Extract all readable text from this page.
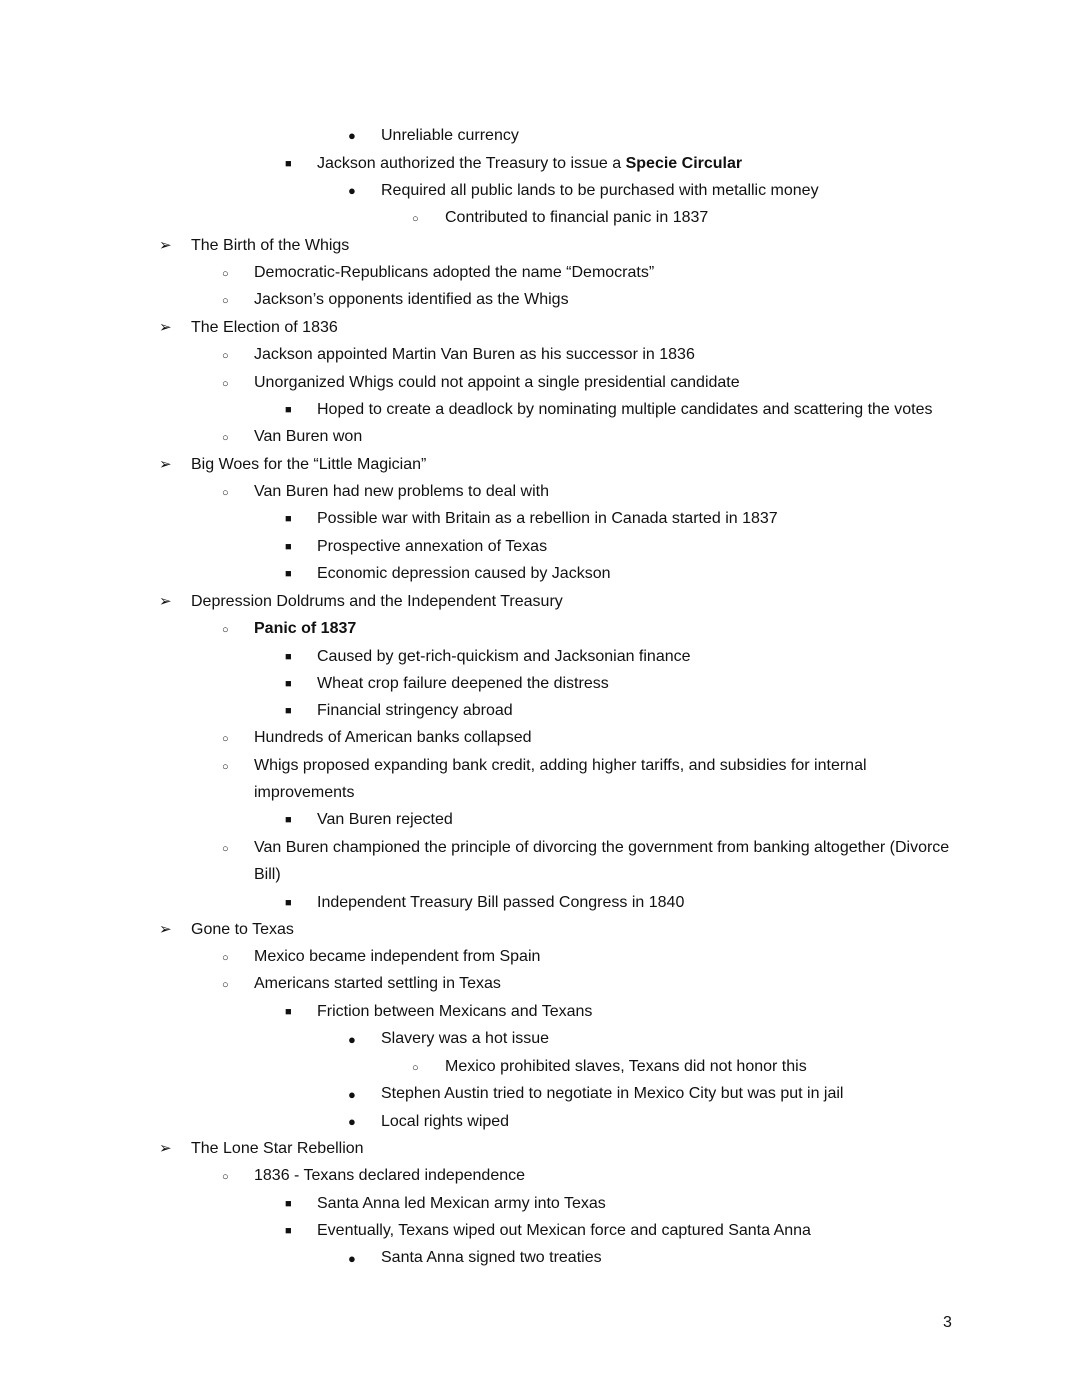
● Unreliable currency
■ Jackson authorized the Treasury to issue a Specie Circular
● Required all public lands to be purchased with metallic money
○ Contributed to financial panic in 1837
➢ The Birth of the Whigs
○ Democratic-Republicans adopted the name “Democrats”
○ Jackson’s opponents identified as the Whigs
➢ The Election of 1836
○ Jackson appointed Martin Van Buren as his successor in 1836
○ Unorganized Whigs could not appoint a single presidential candidate
■ Hoped to create a deadlock by nominating multiple candidates and scattering the votes
○ Van Buren won
➢ Big Woes for the “Little Magician”
○ Van Buren had new problems to deal with
■ Possible war with Britain as a rebellion in Canada started in 1837
■ Prospective annexation of Texas
■ Economic depression caused by Jackson
➢ Depression Doldrums and the Independent Treasury
○ Panic of 1837
■ Caused by get-rich-quickism and Jacksonian finance
■ Wheat crop failure deepened the distress
■ Financial stringency abroad
○ Hundreds of American banks collapsed
○ Whigs proposed expanding bank credit, adding higher tariffs, and subsidies for internal
improvements
■ Van Buren rejected
○ Van Buren championed the principle of divorcing the government from banking altogether (Divorce
Bill)
■ Independent Treasury Bill passed Congress in 1840
➢ Gone to Texas
○ Mexico became independent from Spain
○ Americans started settling in Texas
■ Friction between Mexicans and Texans
● Slavery was a hot issue
○ Mexico prohibited slaves, Texans did not honor this
● Stephen Austin tried to negotiate in Mexico City but was put in jail
● Local rights wiped
➢ The Lone Star Rebellion
○ 1836 - Texans declared independence
■ Santa Anna led Mexican army into Texas
■ Eventually, Texans wiped out Mexican force and captured Santa Anna
● Santa Anna signed two treaties
3
